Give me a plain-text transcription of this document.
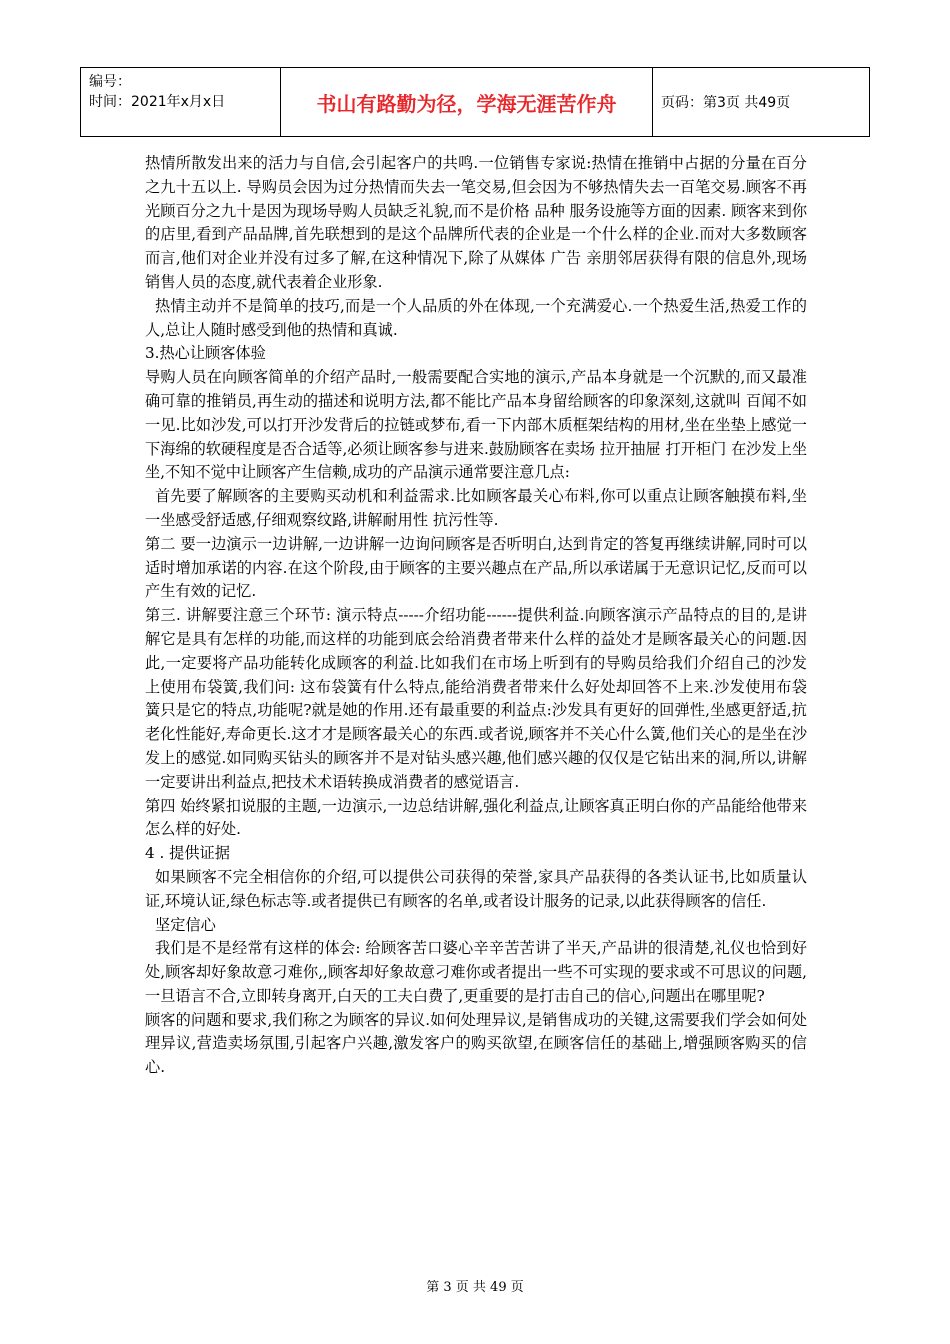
编号：
时间：2021年x月x日	书山有路勤为径，学海无涯苦作舟	页码：第3页 共49页

热情所散发出来的活力与自信,会引起客户的共鸣.一位销售专家说:热情在推销中占据的分量在百分之九十五以上. 导购员会因为过分热情而失去一笔交易,但会因为不够热情失去一百笔交易.顾客不再光顾百分之九十是因为现场导购人员缺乏礼貌,而不是价格 品种 服务设施等方面的因素. 顾客来到你的店里,看到产品品牌,首先联想到的是这个品牌所代表的企业是一个什么样的企业.而对大多数顾客而言,他们对企业并没有过多了解,在这种情况下,除了从媒体 广告 亲朋邻居获得有限的信息外,现场销售人员的态度,就代表着企业形象.

热情主动并不是简单的技巧,而是一个人品质的外在体现,一个充满爱心.一个热爱生活,热爱工作的人,总让人随时感受到他的热情和真诚.

3.热心让顾客体验

导购人员在向顾客简单的介绍产品时,一般需要配合实地的演示,产品本身就是一个沉默的,而又最准确可靠的推销员,再生动的描述和说明方法,都不能比产品本身留给顾客的印象深刻,这就叫 百闻不如一见.比如沙发,可以打开沙发背后的拉链或梦布,看一下内部木质框架结构的用材,坐在坐垫上感觉一下海绵的软硬程度是否合适等,必须让顾客参与进来.鼓励顾客在卖场 拉开抽屉 打开柜门 在沙发上坐坐,不知不觉中让顾客产生信赖,成功的产品演示通常要注意几点:

首先要了解顾客的主要购买动机和利益需求.比如顾客最关心布料,你可以重点让顾客触摸布料,坐一坐感受舒适感,仔细观察纹路,讲解耐用性 抗污性等.

第二 要一边演示一边讲解,一边讲解一边询问顾客是否听明白,达到肯定的答复再继续讲解,同时可以适时增加承诺的内容.在这个阶段,由于顾客的主要兴趣点在产品,所以承诺属于无意识记忆,反而可以产生有效的记忆.

第三. 讲解要注意三个环节: 演示特点-----介绍功能------提供利益.向顾客演示产品特点的目的,是讲解它是具有怎样的功能,而这样的功能到底会给消费者带来什么样的益处才是顾客最关心的问题.因此,一定要将产品功能转化成顾客的利益.比如我们在市场上听到有的导购员给我们介绍自己的沙发上使用布袋簧,我们问: 这布袋簧有什么特点,能给消费者带来什么好处却回答不上来.沙发使用布袋簧只是它的特点,功能呢?就是她的作用.还有最重要的利益点:沙发具有更好的回弹性,坐感更舒适,抗老化性能好,寿命更长.这才才是顾客最关心的东西.或者说,顾客并不关心什么簧,他们关心的是坐在沙发上的感觉.如同购买钻头的顾客并不是对钻头感兴趣,他们感兴趣的仅仅是它钻出来的洞,所以,讲解一定要讲出利益点,把技术术语转换成消费者的感觉语言.

第四 始终紧扣说服的主题,一边演示,一边总结讲解,强化利益点,让顾客真正明白你的产品能给他带来怎么样的好处.

4 . 提供证据

如果顾客不完全相信你的介绍,可以提供公司获得的荣誉,家具产品获得的各类认证书,比如质量认证,环境认证,绿色标志等.或者提供已有顾客的名单,或者设计服务的记录,以此获得顾客的信任.

坚定信心

我们是不是经常有这样的体会: 给顾客苦口婆心辛辛苦苦讲了半天,产品讲的很清楚,礼仪也恰到好处,顾客却好象故意刁难你,,顾客却好象故意刁难你或者提出一些不可实现的要求或不可思议的问题,一旦语言不合,立即转身离开,白天的工夫白费了,更重要的是打击自己的信心,问题出在哪里呢?

顾客的问题和要求,我们称之为顾客的异议.如何处理异议,是销售成功的关键,这需要我们学会如何处理异议,营造卖场氛围,引起客户兴趣,激发客户的购买欲望,在顾客信任的基础上,增强顾客购买的信心.

第 3 页 共 49 页
